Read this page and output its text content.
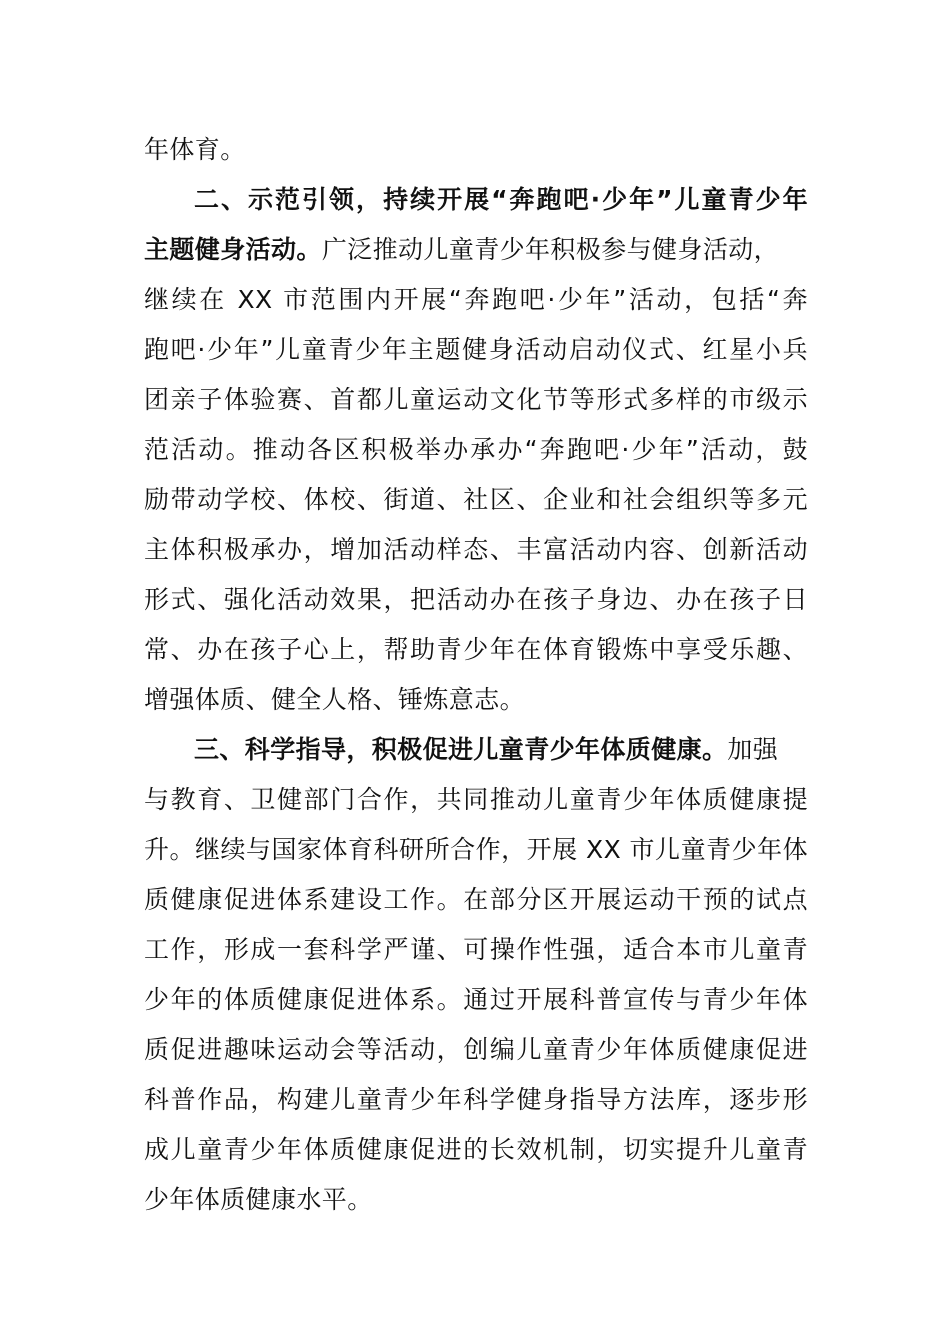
年体育。
二、示范引领，持续开展“奔跑吧·少年”儿童青少年
主题健身活动。广泛推动儿童青少年积极参与健身活动，
继续在 XX 市范围内开展“奔跑吧·少年”活动，包括“奔
跑吧·少年”儿童青少年主题健身活动启动仪式、红星小兵
团亲子体验赛、首都儿童运动文化节等形式多样的市级示
范活动。推动各区积极举办承办“奔跑吧·少年”活动，鼓
励带动学校、体校、街道、社区、企业和社会组织等多元
主体积极承办，增加活动样态、丰富活动内容、创新活动
形式、强化活动效果，把活动办在孩子身边、办在孩子日
常、办在孩子心上，帮助青少年在体育锻炼中享受乐趣、
增强体质、健全人格、锤炼意志。
三、科学指导，积极促进儿童青少年体质健康。加强
与教育、卫健部门合作，共同推动儿童青少年体质健康提
升。继续与国家体育科研所合作，开展 XX 市儿童青少年体
质健康促进体系建设工作。在部分区开展运动干预的试点
工作，形成一套科学严谨、可操作性强，适合本市儿童青
少年的体质健康促进体系。通过开展科普宣传与青少年体
质促进趣味运动会等活动，创编儿童青少年体质健康促进
科普作品，构建儿童青少年科学健身指导方法库，逐步形
成儿童青少年体质健康促进的长效机制，切实提升儿童青
少年体质健康水平。
